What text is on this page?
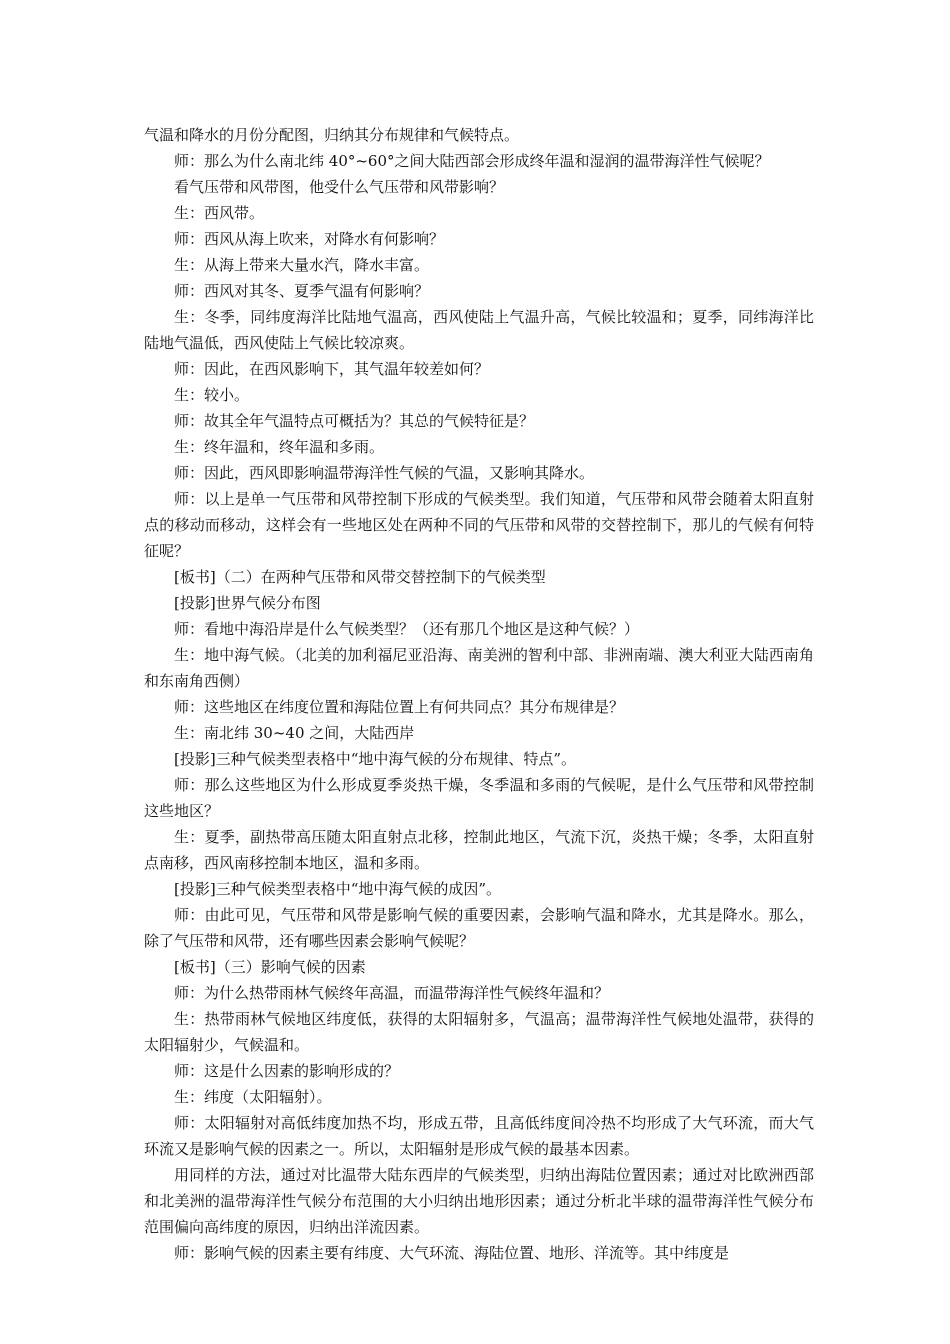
气温和降水的月份分配图，归纳其分布规律和气候特点。

师：那么为什么南北纬 40°~60°之间大陆西部会形成终年温和湿润的温带海洋性气候呢？

看气压带和风带图，他受什么气压带和风带影响？

生：西风带。

师：西风从海上吹来，对降水有何影响？

生：从海上带来大量水汽，降水丰富。

师：西风对其冬、夏季气温有何影响？

生：冬季，同纬度海洋比陆地气温高，西风使陆上气温升高，气候比较温和；夏季，同纬海洋比陆地气温低，西风使陆上气候比较凉爽。

师：因此，在西风影响下，其气温年较差如何？

生：较小。

师：故其全年气温特点可概括为？其总的气候特征是？

生：终年温和，终年温和多雨。

师：因此，西风即影响温带海洋性气候的气温，又影响其降水。

师：以上是单一气压带和风带控制下形成的气候类型。我们知道，气压带和风带会随着太阳直射点的移动而移动，这样会有一些地区处在两种不同的气压带和风带的交替控制下，那儿的气候有何特征呢？

[板书]（二）在两种气压带和风带交替控制下的气候类型

[投影]世界气候分布图

师：看地中海沿岸是什么气候类型？（还有那几个地区是这种气候？）

生：地中海气候。（北美的加利福尼亚沿海、南美洲的智利中部、非洲南端、澳大利亚大陆西南角和东南角西侧）

师：这些地区在纬度位置和海陆位置上有何共同点？其分布规律是？

生：南北纬 30~40 之间，大陆西岸

[投影]三种气候类型表格中“地中海气候的分布规律、特点”。

师：那么这些地区为什么形成夏季炎热干燥，冬季温和多雨的气候呢，是什么气压带和风带控制这些地区？

生：夏季，副热带高压随太阳直射点北移，控制此地区，气流下沉，炎热干燥；冬季，太阳直射点南移，西风南移控制本地区，温和多雨。

[投影]三种气候类型表格中“地中海气候的成因”。

师：由此可见，气压带和风带是影响气候的重要因素，会影响气温和降水，尤其是降水。那么，除了气压带和风带，还有哪些因素会影响气候呢？

[板书]（三）影响气候的因素

师：为什么热带雨林气候终年高温，而温带海洋性气候终年温和？

生：热带雨林气候地区纬度低，获得的太阳辐射多，气温高；温带海洋性气候地处温带，获得的太阳辐射少，气候温和。

师：这是什么因素的影响形成的？

生：纬度（太阳辐射）。

师：太阳辐射对高低纬度加热不均，形成五带，且高低纬度间冷热不均形成了大气环流，而大气环流又是影响气候的因素之一。所以，太阳辐射是形成气候的最基本因素。

用同样的方法，通过对比温带大陆东西岸的气候类型，归纳出海陆位置因素；通过对比欧洲西部和北美洲的温带海洋性气候分布范围的大小归纳出地形因素；通过分析北半球的温带海洋性气候分布范围偏向高纬度的原因，归纳出洋流因素。

师：影响气候的因素主要有纬度、大气环流、海陆位置、地形、洋流等。其中纬度是
